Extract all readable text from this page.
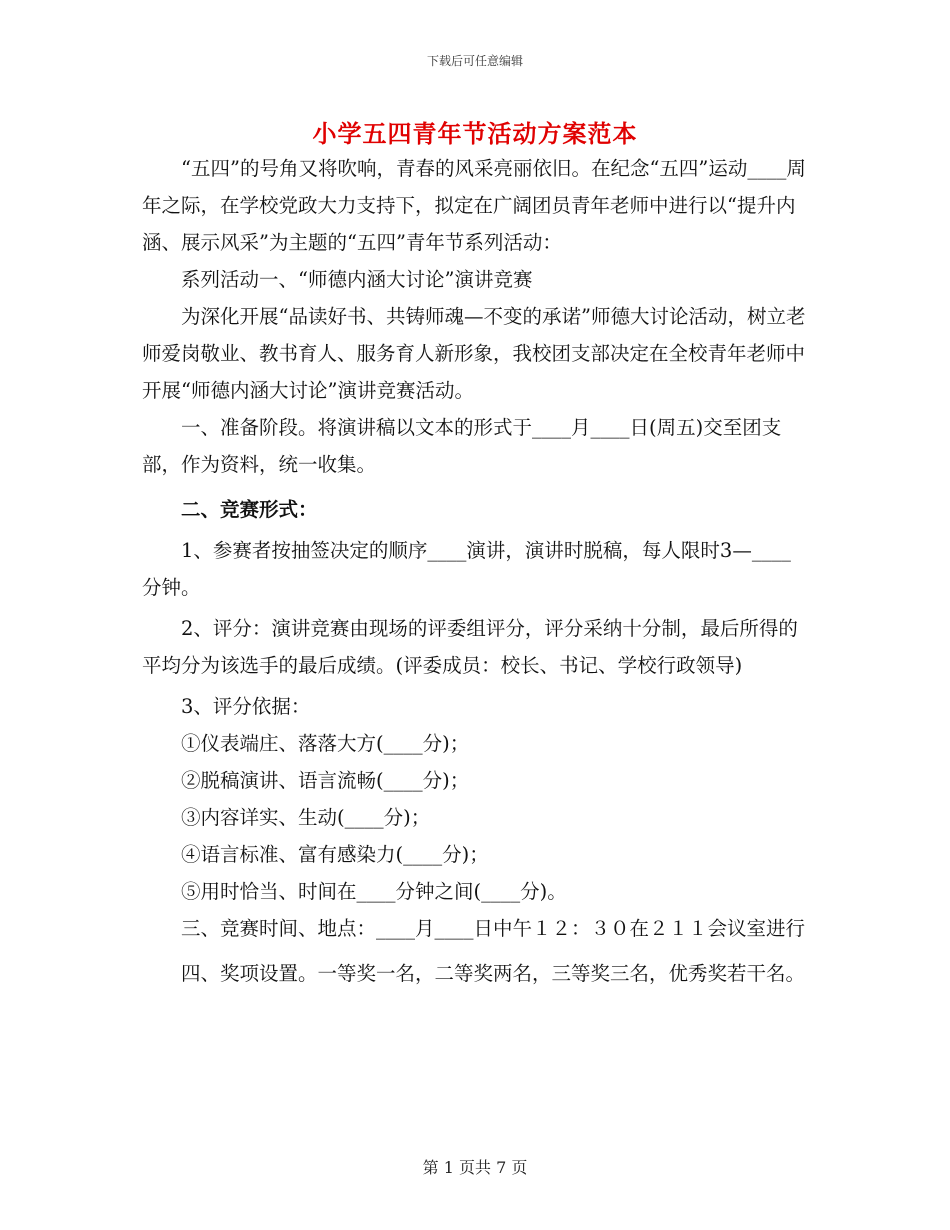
下载后可任意编辑
小学五四青年节活动方案范本

“五四”的号角又将吹响，青春的风采亮丽依旧。在纪念“五四”运动____周年之际，在学校党政大力支持下，拟定在广阔团员青年老师中进行以“提升内涵、展示风采”为主题的“五四”青年节系列活动：

系列活动一、“师德内涵大讨论”演讲竞赛

为深化开展“品读好书、共铸师魂—不变的承诺”师德大讨论活动，树立老师爱岗敬业、教书育人、服务育人新形象，我校团支部决定在全校青年老师中开展“师德内涵大讨论”演讲竞赛活动。

一、准备阶段。将演讲稿以文本的形式于____月____日(周五)交至团支部，作为资料，统一收集。

二、竞赛形式：

1、参赛者按抽签决定的顺序____演讲，演讲时脱稿，每人限时3—____分钟。

2、评分：演讲竞赛由现场的评委组评分，评分采纳十分制，最后所得的平均分为该选手的最后成绩。(评委成员：校长、书记、学校行政领导)

3、评分依据：

①仪表端庄、落落大方(____分)；

②脱稿演讲、语言流畅(____分)；

③内容详实、生动(____分)；

④语言标准、富有感染力(____分)；

⑤用时恰当、时间在____分钟之间(____分)。

三、竞赛时间、地点：____月____日中午１２：３０在２１１会议室进行

四、奖项设置。一等奖一名，二等奖两名，三等奖三名，优秀奖若干名。

第 1 页共 7 页
